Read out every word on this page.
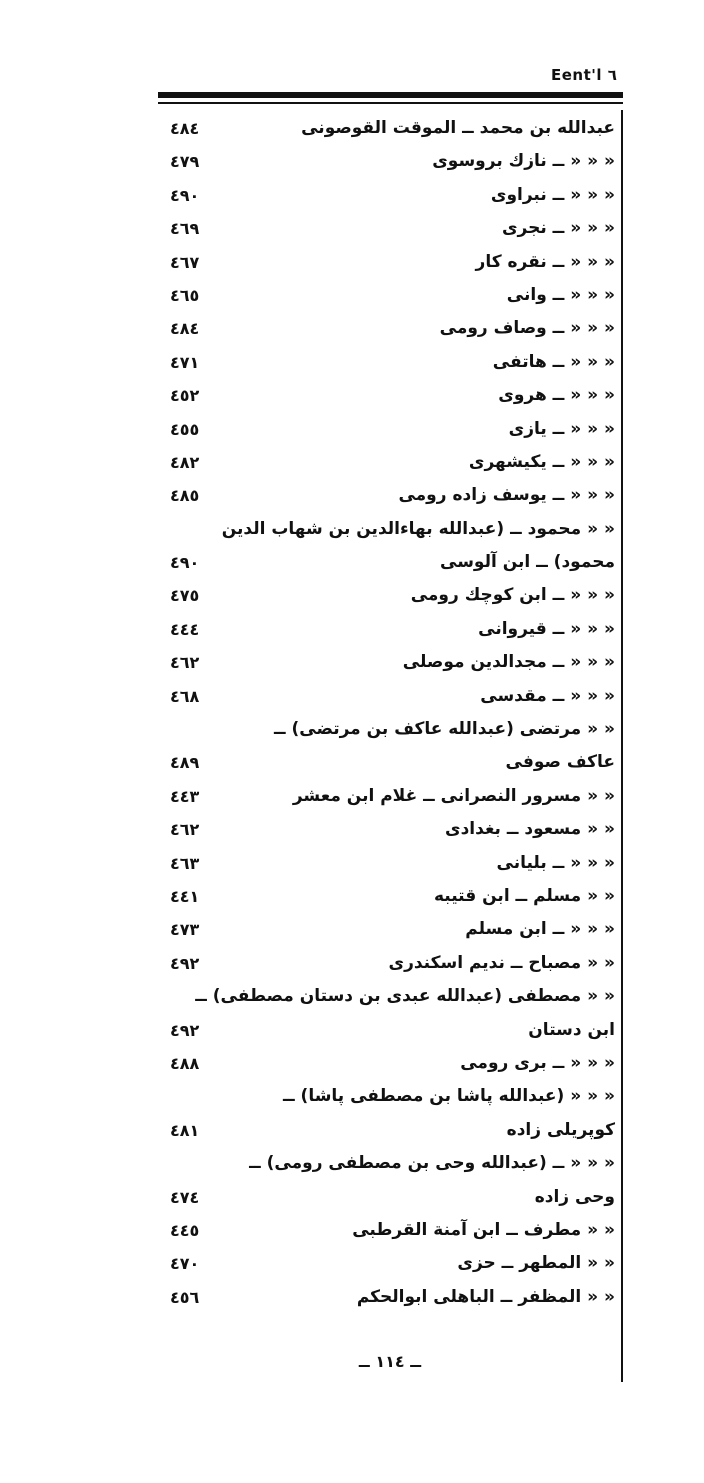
Eent'l ٦
عبدالله بن محمد ــ الموقت القوصونى
٤٨٤
« « « ــ نازك بروسوى
٤٧٩
« « « ــ نبراوى
٤٩٠
« « « ــ نجرى
٤٦٩
« « « ــ نقره كار
٤٦٧
« « « ــ وانى
٤٦٥
« « « ــ وصاف رومى
٤٨٤
« « « ــ هاتفى
٤٧١
« « « ــ هروى
٤٥٢
« « « ــ يازى
٤٥٥
« « « ــ يكيشهرى
٤٨٢
« « « ــ يوسف زاده رومى
٤٨٥
« « محمود ــ (عبدالله بهاءالدين بن شهاب الدين
محمود) ــ ابن آلوسى
٤٩٠
« « « ــ ابن كوچك رومى
٤٧٥
« « « ــ قيروانى
٤٤٤
« « « ــ مجدالدين موصلى
٤٦٢
« « « ــ مقدسى
٤٦٨
« « مرتضى (عبدالله عاكف بن مرتضى) ــ
عاكف صوفى
٤٨٩
« « مسرور النصرانى ــ غلام ابن معشر
٤٤٣
« « مسعود ــ بغدادى
٤٦٢
« « « ــ بليانى
٤٦٣
« « مسلم ــ ابن قتيبه
٤٤١
« « « ــ ابن مسلم
٤٧٣
« « مصباح ــ نديم اسكندرى
٤٩٢
« « مصطفى (عبدالله عبدى بن دستان مصطفى) ــ
ابن دستان
٤٩٢
« « « ــ برى رومى
٤٨٨
« « « (عبدالله پاشا بن مصطفى پاشا) ــ
كوپريلى زاده
٤٨١
« « « ــ (عبدالله وحى بن مصطفى رومى) ــ
وحى زاده
٤٧٤
« « مطرف ــ ابن آمنة القرطبى
٤٤٥
« « المطهر ــ حزى
٤٧٠
« « المظفر ــ الباهلى ابوالحكم
٤٥٦
ــ ١١٤ ــ
